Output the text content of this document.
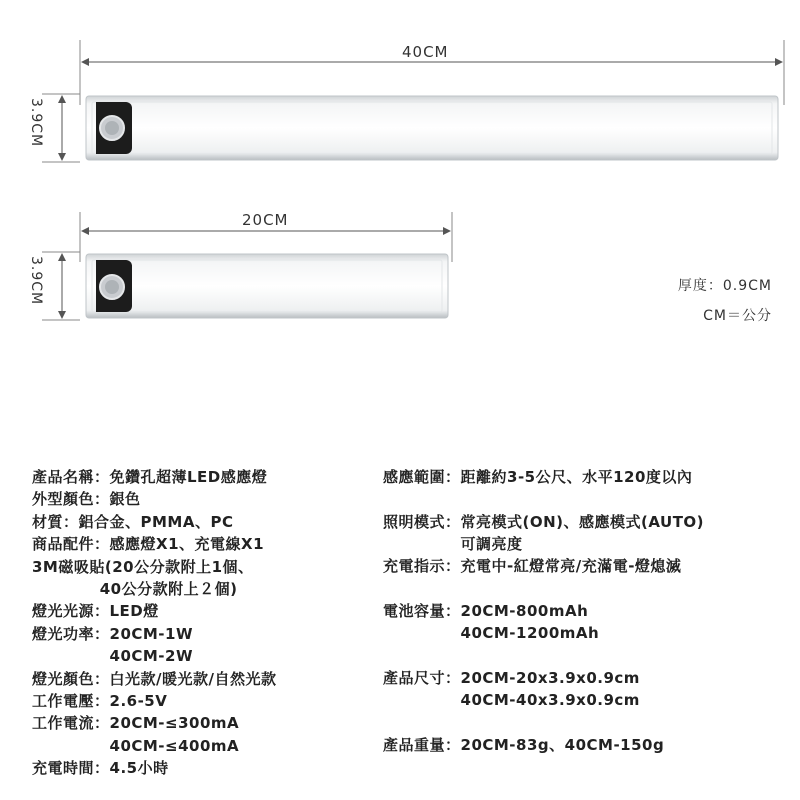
40CM
20CM
3.9CM
3.9CM	厚度：0.9CM
CM＝公分
產品名稱：免鑽孔超薄LED感應燈
外型顏色：銀色
材質：鋁合金、PMMA、PC
商品配件：感應燈X1、充電線X1
3M磁吸貼(20公分款附上1個、
　　　　 40公分款附上２個)
燈光光源：LED燈
燈光功率：20CM-1W
　　　　　40CM-2W
燈光顏色：白光款/暖光款/自然光款
工作電壓：2.6-5V
工作電流：20CM-≤300mA
　　　　　40CM-≤400mA
充電時間：4.5小時
感應範圍：距離約3-5公尺、水平120度以內
照明模式：常亮模式(ON)、感應模式(AUTO)
　　　　　可調亮度
充電指示：充電中-紅燈常亮/充滿電-燈熄滅
電池容量：20CM-800mAh
　　　　　40CM-1200mAh
產品尺寸：20CM-20x3.9x0.9cm
　　　　　40CM-40x3.9x0.9cm
產品重量：20CM-83g、40CM-150g
